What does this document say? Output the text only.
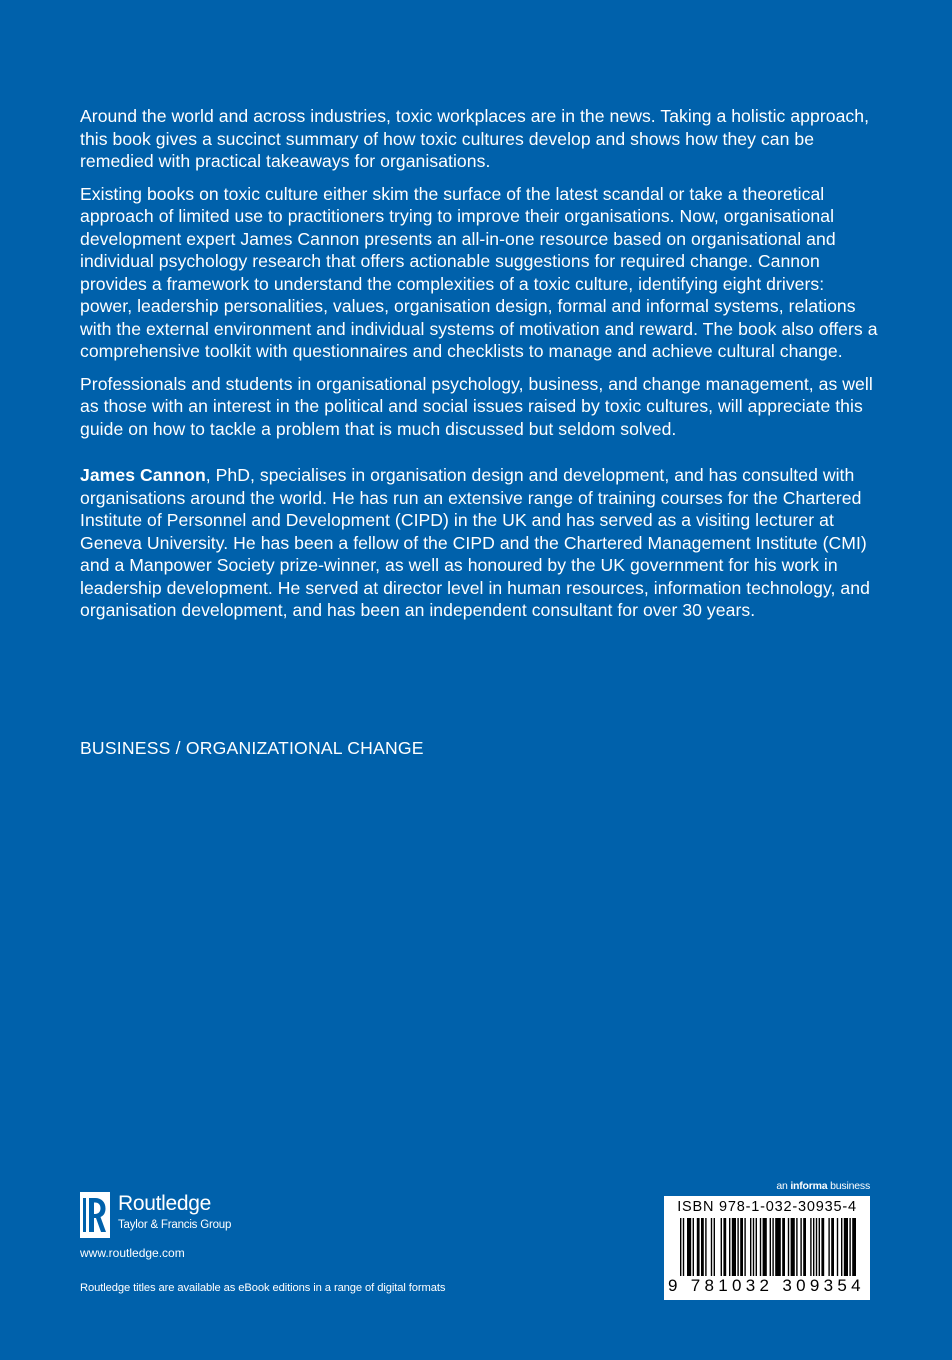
Around the world and across industries, toxic workplaces are in the news. Taking a holistic approach, this book gives a succinct summary of how toxic cultures develop and shows how they can be remedied with practical takeaways for organisations.

Existing books on toxic culture either skim the surface of the latest scandal or take a theoretical approach of limited use to practitioners trying to improve their organisations. Now, organisational development expert James Cannon presents an all-in-one resource based on organisational and individual psychology research that offers actionable suggestions for required change. Cannon provides a framework to understand the complexities of a toxic culture, identifying eight drivers: power, leadership personalities, values, organisation design, formal and informal systems, relations with the external environment and individual systems of motivation and reward. The book also offers a comprehensive toolkit with questionnaires and checklists to manage and achieve cultural change.

Professionals and students in organisational psychology, business, and change management, as well as those with an interest in the political and social issues raised by toxic cultures, will appreciate this guide on how to tackle a problem that is much discussed but seldom solved.

James Cannon, PhD, specialises in organisation design and development, and has consulted with organisations around the world. He has run an extensive range of training courses for the Chartered Institute of Personnel and Development (CIPD) in the UK and has served as a visiting lecturer at Geneva University. He has been a fellow of the CIPD and the Chartered Management Institute (CMI) and a Manpower Society prize-winner, as well as honoured by the UK government for his work in leadership development. He served at director level in human resources, information technology, and organisation development, and has been an independent consultant for over 30 years.

BUSINESS / ORGANIZATIONAL CHANGE
Routledge
Taylor & Francis Group
www.routledge.com
Routledge titles are available as eBook editions in a range of digital formats
an informa business
ISBN 978-1-032-30935-4
9 781032 309354
